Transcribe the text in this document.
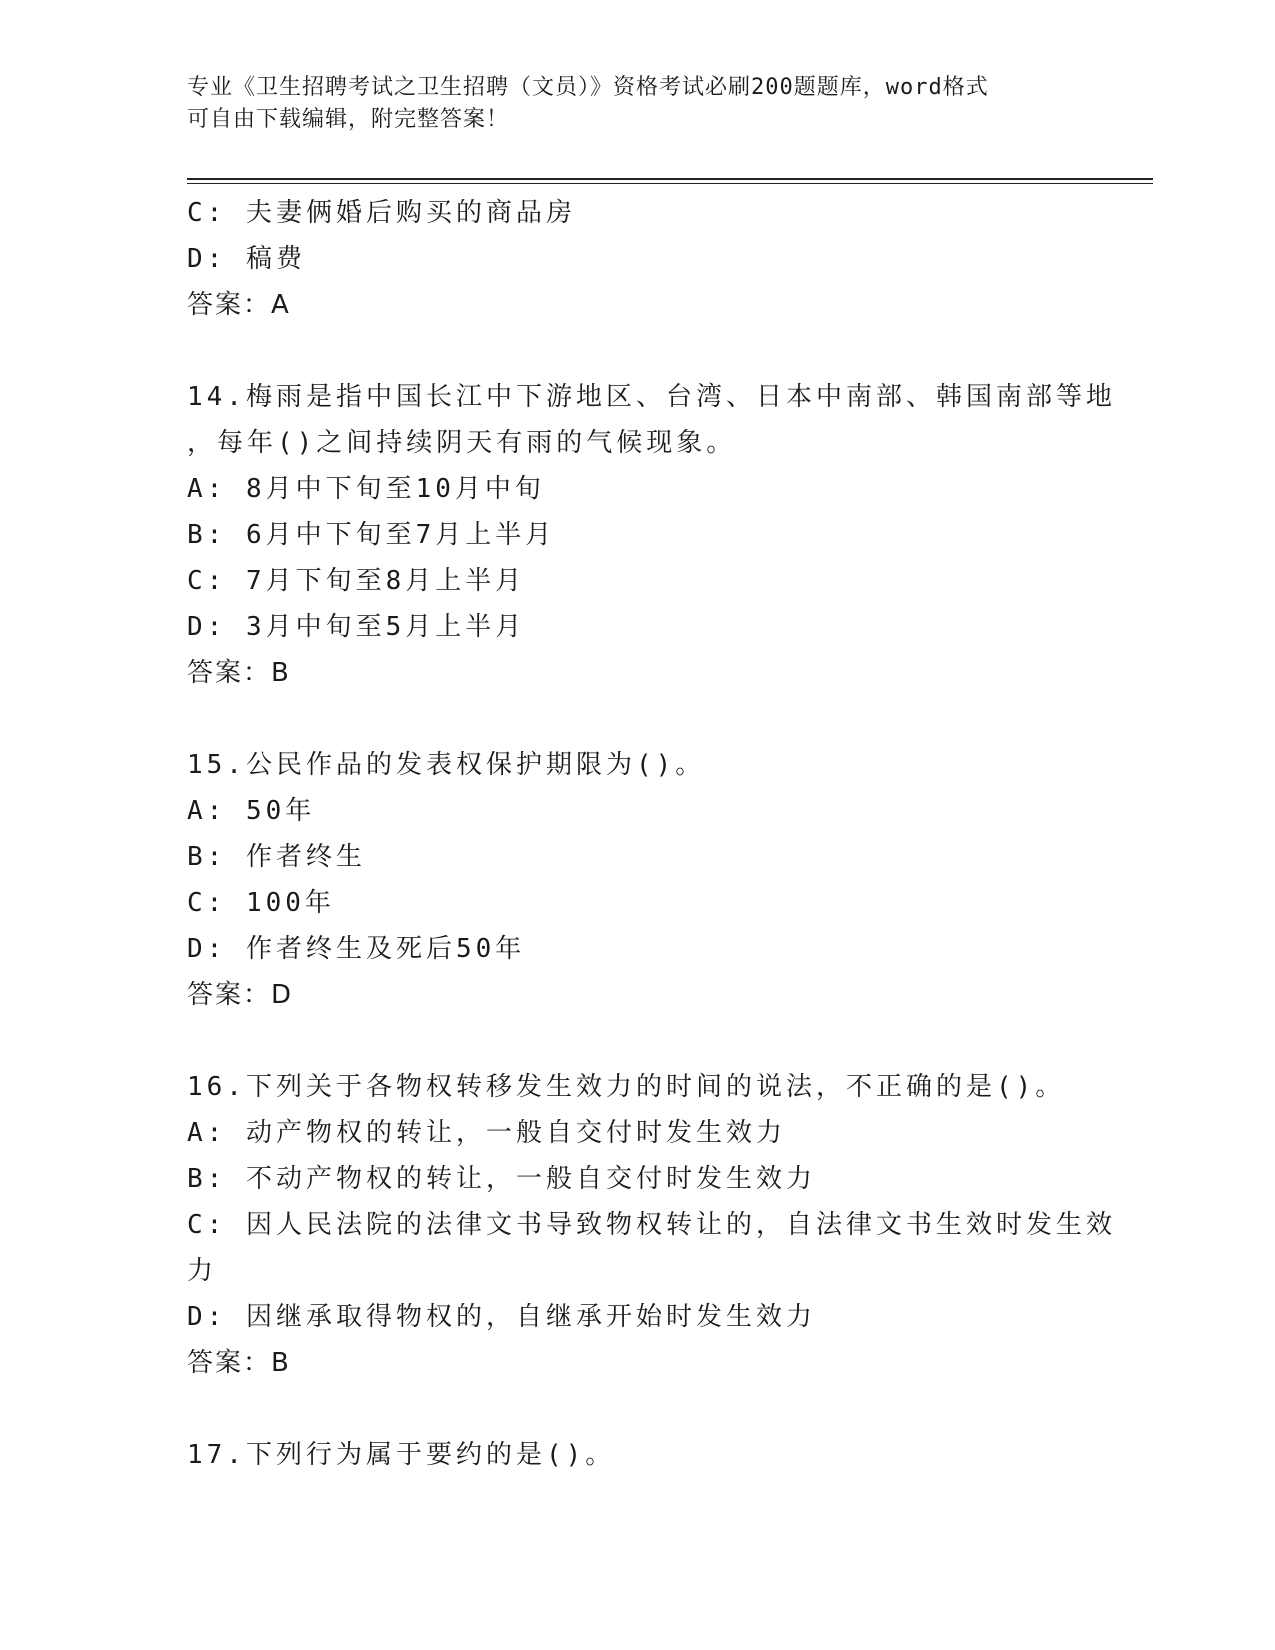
专业《卫生招聘考试之卫生招聘（文员）》资格考试必刷200题题库，word格式
可自由下载编辑，附完整答案！
C: 夫妻俩婚后购买的商品房
D: 稿费
答案：A
14.梅雨是指中国长江中下游地区、台湾、日本中南部、韩国南部等地
，每年()之间持续阴天有雨的气候现象。
A: 8月中下旬至10月中旬
B: 6月中下旬至7月上半月
C: 7月下旬至8月上半月
D: 3月中旬至5月上半月
答案：B
15.公民作品的发表权保护期限为()。
A: 50年
B: 作者终生
C: 100年
D: 作者终生及死后50年
答案：D
16.下列关于各物权转移发生效力的时间的说法，不正确的是()。
A: 动产物权的转让，一般自交付时发生效力
B: 不动产物权的转让，一般自交付时发生效力
C: 因人民法院的法律文书导致物权转让的，自法律文书生效时发生效
力
D: 因继承取得物权的，自继承开始时发生效力
答案：B
17.下列行为属于要约的是()。
